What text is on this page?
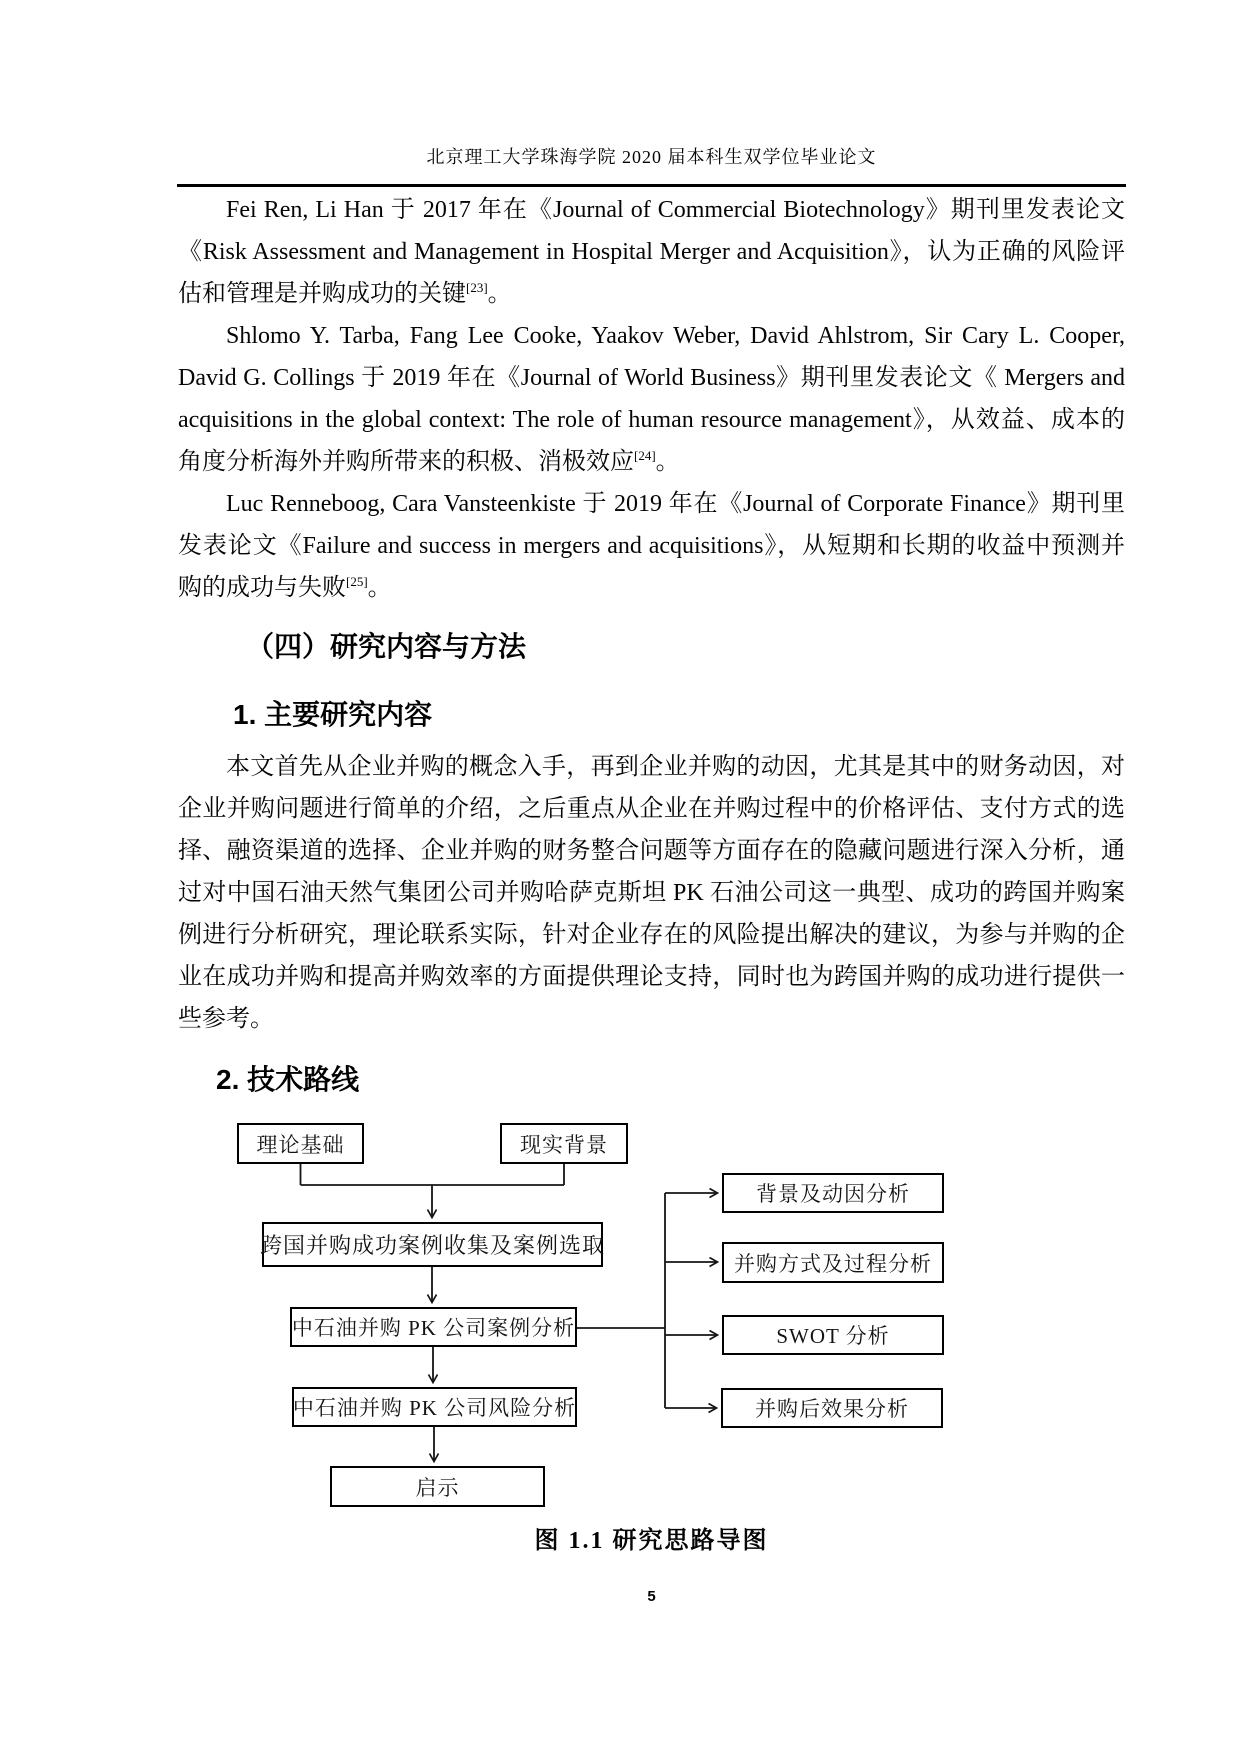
北京理工大学珠海学院 2020 届本科生双学位毕业论文

Fei Ren, Li Han 于 2017 年在《Journal of Commercial Biotechnology》期刊里发表论文《Risk Assessment and Management in Hospital Merger and Acquisition》，认为正确的风险评估和管理是并购成功的关键[23]。

Shlomo Y. Tarba, Fang Lee Cooke, Yaakov Weber, David Ahlstrom, Sir Cary L. Cooper, David G. Collings 于 2019 年在《Journal of World Business》期刊里发表论文《 Mergers and acquisitions in the global context: The role of human resource management》，从效益、成本的角度分析海外并购所带来的积极、消极效应[24]。

Luc Renneboog, Cara Vansteenkiste 于 2019 年在《Journal of Corporate Finance》期刊里发表论文《Failure and success in mergers and acquisitions》，从短期和长期的收益中预测并购的成功与失败[25]。

（四）研究内容与方法
1. 主要研究内容

本文首先从企业并购的概念入手，再到企业并购的动因，尤其是其中的财务动因，对企业并购问题进行简单的介绍，之后重点从企业在并购过程中的价格评估、支付方式的选择、融资渠道的选择、企业并购的财务整合问题等方面存在的隐藏问题进行深入分析，通过对中国石油天然气集团公司并购哈萨克斯坦 PK 石油公司这一典型、成功的跨国并购案例进行分析研究，理论联系实际，针对企业存在的风险提出解决的建议，为参与并购的企业在成功并购和提高并购效率的方面提供理论支持，同时也为跨国并购的成功进行提供一些参考。

2. 技术路线
理论基础	现实背景
跨国并购成功案例收集及案例选取
中石油并购 PK 公司案例分析
中石油并购 PK 公司风险分析
启示
背景及动因分析
并购方式及过程分析
SWOT 分析
并购后效果分析
图 1.1 研究思路导图
5
